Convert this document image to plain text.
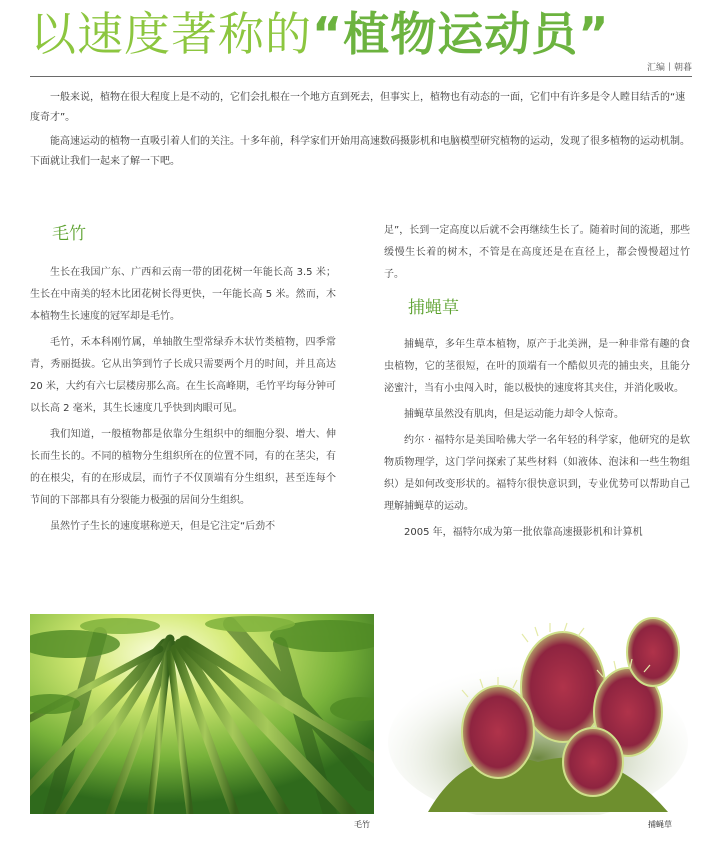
以速度著称的“植物运动员”
汇编丨朝暮

一般来说，植物在很大程度上是不动的，它们会扎根在一个地方直到死去，但事实上，植物也有动态的一面，它们中有许多是令人瞠目结舌的“速度奇才”。

能高速运动的植物一直吸引着人们的关注。十多年前，科学家们开始用高速数码摄影机和电脑模型研究植物的运动，发现了很多植物的运动机制。下面就让我们一起来了解一下吧。

毛竹

生长在我国广东、广西和云南一带的团花树一年能长高 3.5 米；生长在中南美的轻木比团花树长得更快，一年能长高 5 米。然而，木本植物生长速度的冠军却是毛竹。

毛竹，禾本科刚竹属，单轴散生型常绿乔木状竹类植物，四季常青，秀丽挺拔。它从出笋到竹子长成只需要两个月的时间，并且高达 20 米，大约有六七层楼房那么高。在生长高峰期，毛竹平均每分钟可以长高 2 毫米，其生长速度几乎快到肉眼可见。

我们知道，一般植物都是依靠分生组织中的细胞分裂、增大、伸长而生长的。不同的植物分生组织所在的位置不同，有的在茎尖，有的在根尖，有的在形成层，而竹子不仅顶端有分生组织，甚至连每个节间的下部都具有分裂能力极强的居间分生组织。

虽然竹子生长的速度堪称逆天，但是它注定“后劲不

足”，长到一定高度以后就不会再继续生长了。随着时间的流逝，那些缓慢生长着的树木，不管是在高度还是在直径上，都会慢慢超过竹子。

捕蝇草

捕蝇草，多年生草本植物，原产于北美洲，是一种非常有趣的食虫植物，它的茎很短，在叶的顶端有一个酷似贝壳的捕虫夹，且能分泌蜜汁，当有小虫闯入时，能以极快的速度将其夹住，并消化吸收。

捕蝇草虽然没有肌肉，但是运动能力却令人惊奇。

约尔 · 福特尔是美国哈佛大学一名年轻的科学家，他研究的是软物质物理学，这门学问探索了某些材料（如液体、泡沫和一些生物组织）是如何改变形状的。福特尔很快意识到，专业优势可以帮助自己理解捕蝇草的运动。

2005 年，福特尔成为第一批依靠高速摄影机和计算机

毛竹	捕蝇草
